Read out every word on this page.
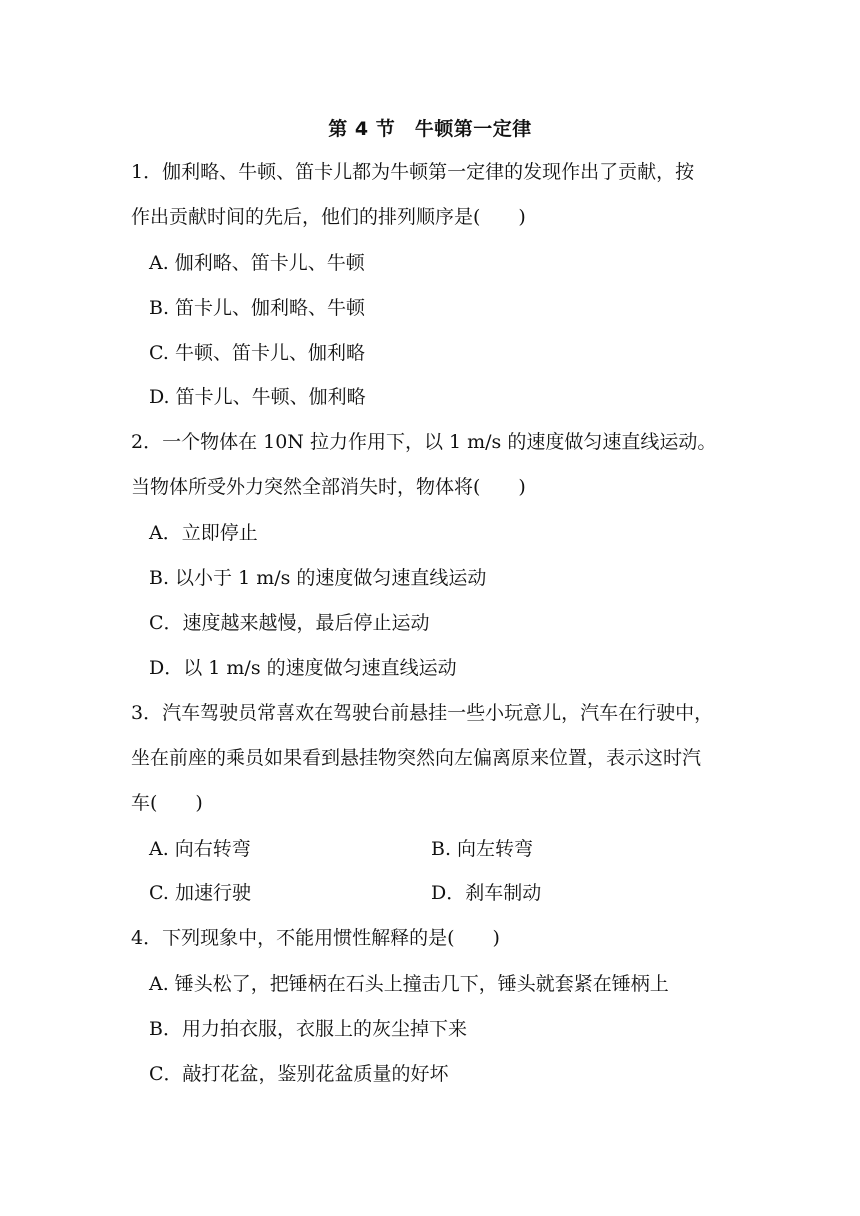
第 4 节　牛顿第一定律
1．伽利略、牛顿、笛卡儿都为牛顿第一定律的发现作出了贡献，按
作出贡献时间的先后，他们的排列顺序是(　　)
A. 伽利略、笛卡儿、牛顿
B. 笛卡儿、伽利略、牛顿
C. 牛顿、笛卡儿、伽利略
D. 笛卡儿、牛顿、伽利略
2．一个物体在 10N 拉力作用下，以 1 m/s 的速度做匀速直线运动。
当物体所受外力突然全部消失时，物体将(　　)
A．立即停止
B. 以小于 1 m/s 的速度做匀速直线运动
C．速度越来越慢，最后停止运动
D．以 1 m/s 的速度做匀速直线运动
3．汽车驾驶员常喜欢在驾驶台前悬挂一些小玩意儿，汽车在行驶中，
坐在前座的乘员如果看到悬挂物突然向左偏离原来位置，表示这时汽
车(　　)
A. 向右转弯	B. 向左转弯
C. 加速行驶	D．刹车制动
4．下列现象中，不能用惯性解释的是(　　)
A. 锤头松了，把锤柄在石头上撞击几下，锤头就套紧在锤柄上
B．用力拍衣服，衣服上的灰尘掉下来
C．敲打花盆，鉴别花盆质量的好坏
